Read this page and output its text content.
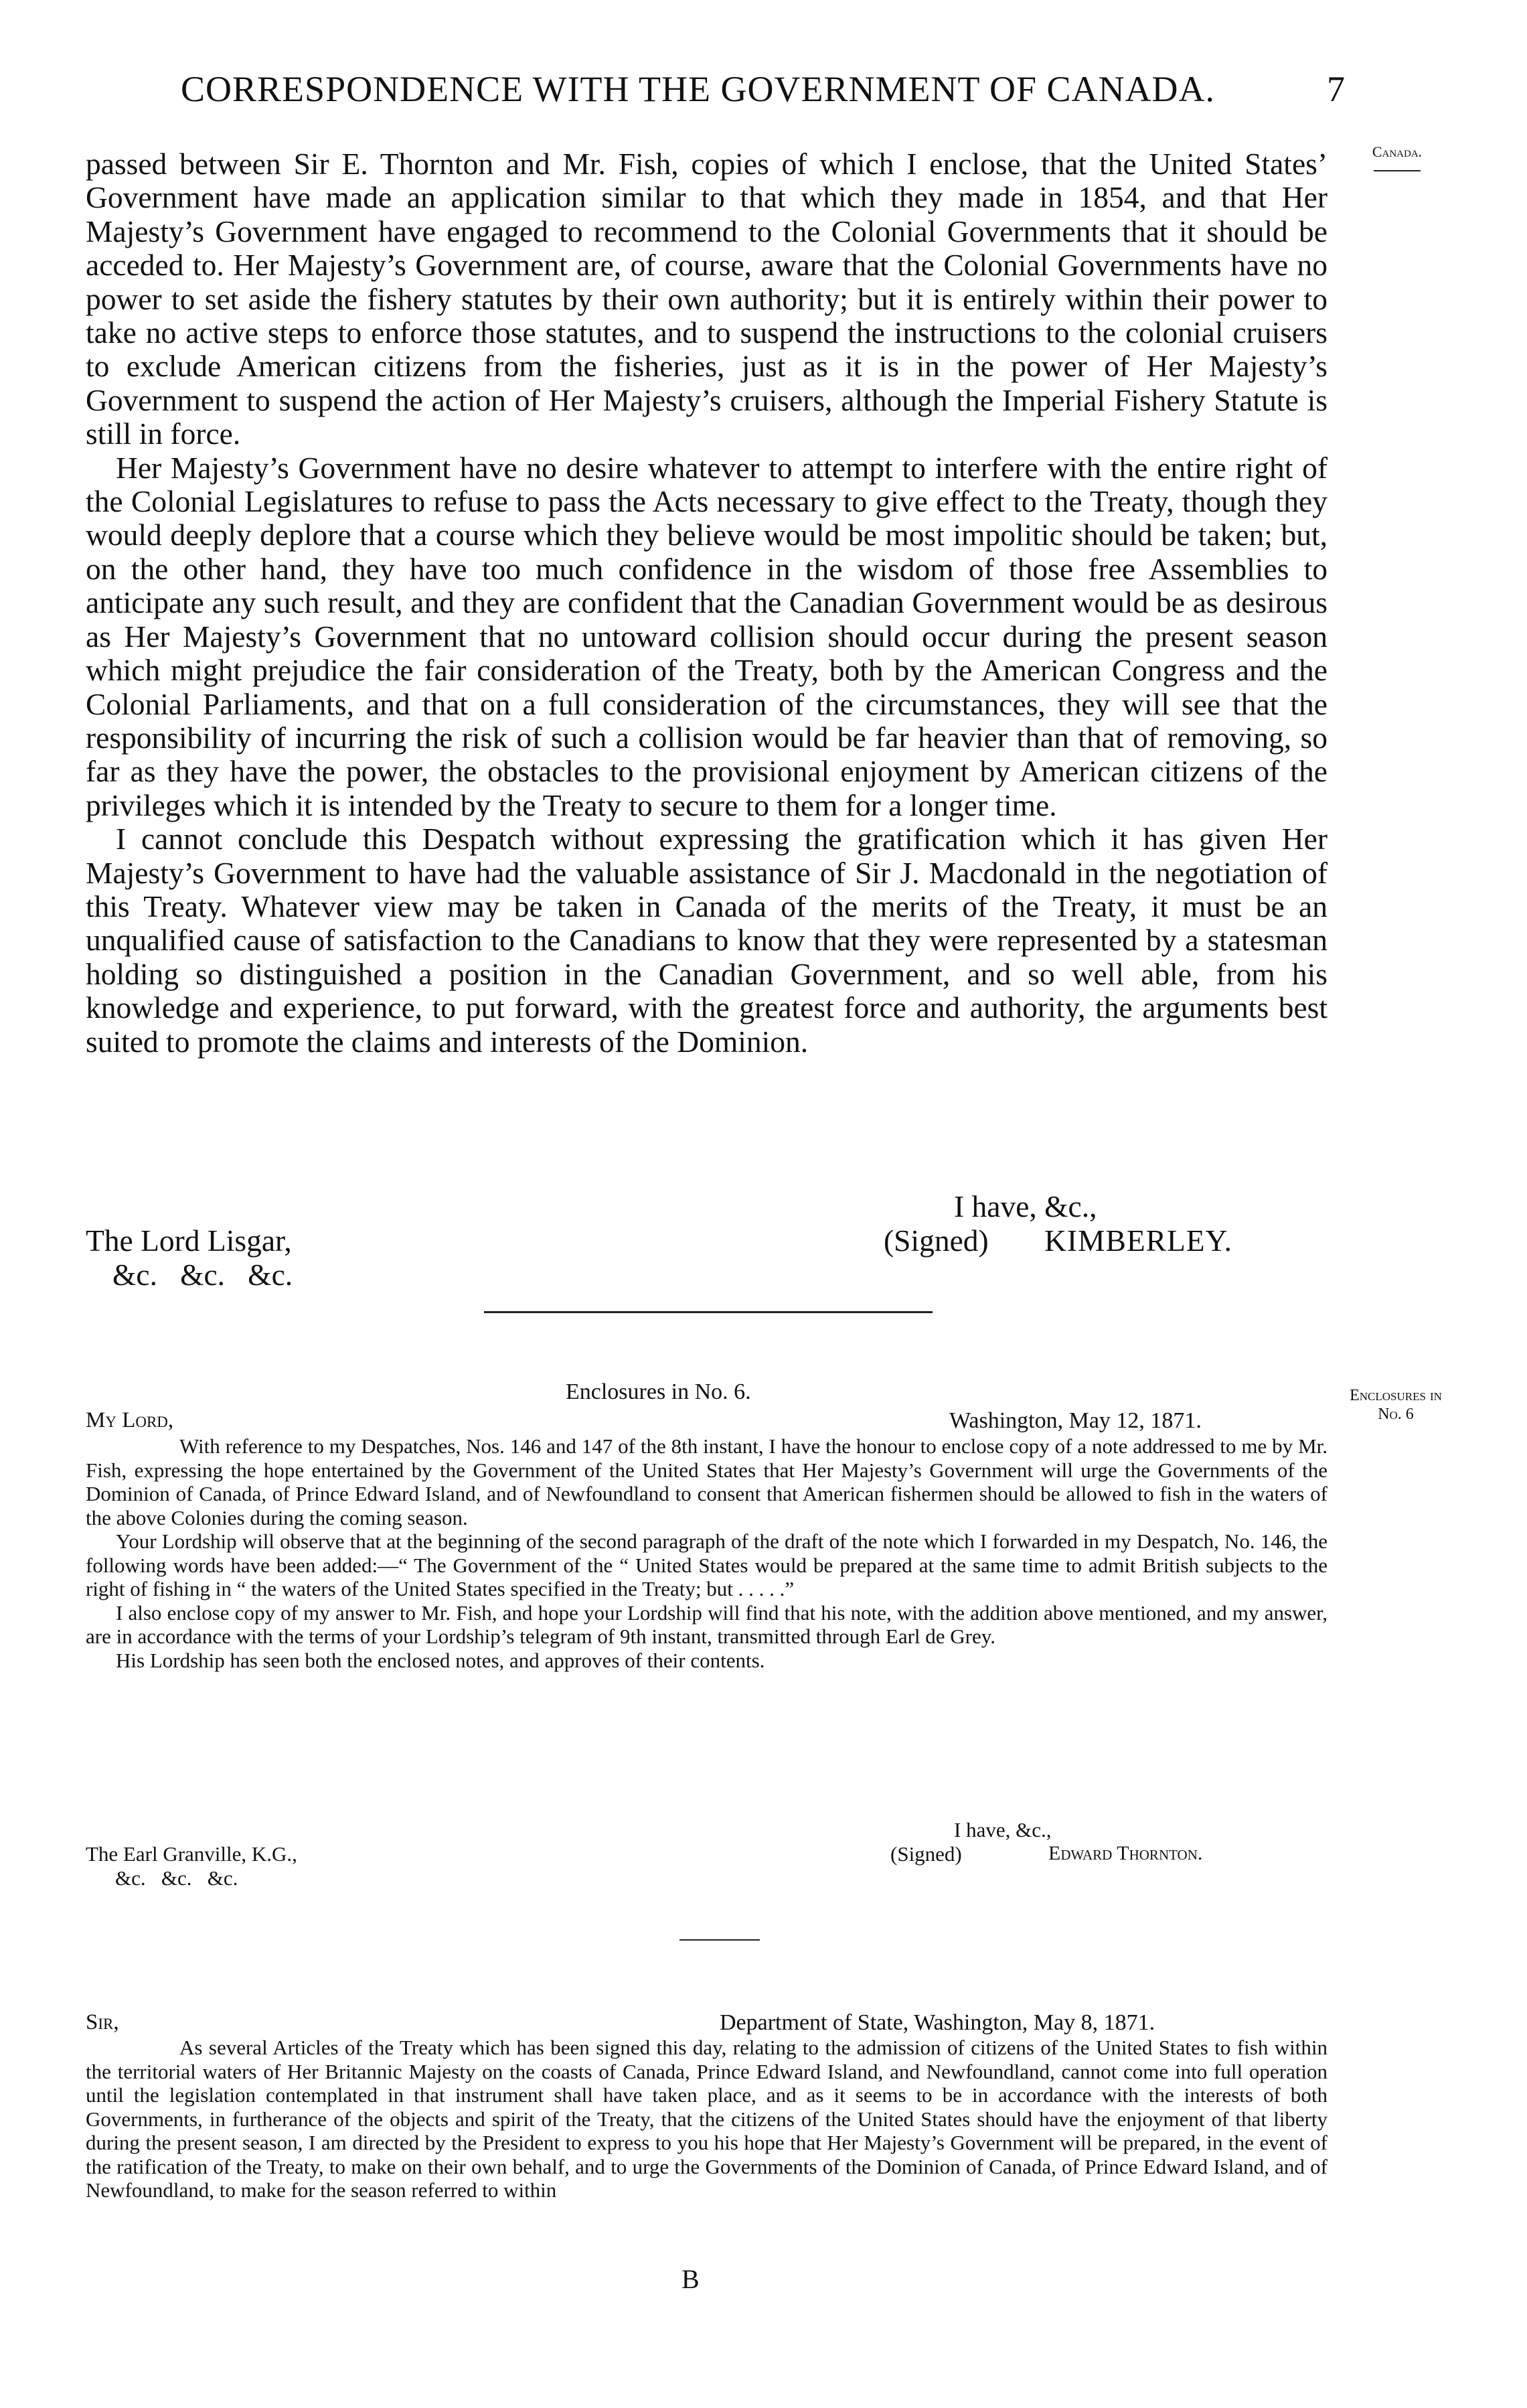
CORRESPONDENCE WITH THE GOVERNMENT OF CANADA.	7
Canada.

passed between Sir E. Thornton and Mr. Fish, copies of which I enclose, that the United States’ Government have made an application similar to that which they made in 1854, and that Her Majesty’s Government have engaged to recommend to the Colonial Governments that it should be acceded to. Her Majesty’s Government are, of course, aware that the Colonial Governments have no power to set aside the fishery statutes by their own authority; but it is entirely within their power to take no active steps to enforce those statutes, and to suspend the instructions to the colonial cruisers to exclude American citizens from the fisheries, just as it is in the power of Her Majesty’s Government to suspend the action of Her Majesty’s cruisers, although the Imperial Fishery Statute is still in force.

Her Majesty’s Government have no desire whatever to attempt to interfere with the entire right of the Colonial Legislatures to refuse to pass the Acts necessary to give effect to the Treaty, though they would deeply deplore that a course which they believe would be most impolitic should be taken; but, on the other hand, they have too much confidence in the wisdom of those free Assemblies to anticipate any such result, and they are confident that the Canadian Government would be as desirous as Her Majesty’s Government that no untoward collision should occur during the present season which might prejudice the fair consideration of the Treaty, both by the American Congress and the Colonial Parliaments, and that on a full consideration of the circumstances, they will see that the responsibility of incurring the risk of such a collision would be far heavier than that of removing, so far as they have the power, the obstacles to the provisional enjoyment by American citizens of the privileges which it is intended by the Treaty to secure to them for a longer time.

I cannot conclude this Despatch without expressing the gratification which it has given Her Majesty’s Government to have had the valuable assistance of Sir J. Macdonald in the negotiation of this Treaty. Whatever view may be taken in Canada of the merits of the Treaty, it must be an unqualified cause of satisfaction to the Canadians to know that they were represented by a statesman holding so distinguished a position in the Canadian Government, and so well able, from his knowledge and experience, to put forward, with the greatest force and authority, the arguments best suited to promote the claims and interests of the Dominion.

I have, &c.,
The Lord Lisgar,	(Signed) KIMBERLEY.
&c.   &c.   &c.
Enclosures in No. 6.	Enclosures in
No. 6
My Lord,	Washington, May 12, 1871.

With reference to my Despatches, Nos. 146 and 147 of the 8th instant, I have the honour to enclose copy of a note addressed to me by Mr. Fish, expressing the hope entertained by the Government of the United States that Her Majesty’s Government will urge the Governments of the Dominion of Canada, of Prince Edward Island, and of Newfoundland to consent that American fishermen should be allowed to fish in the waters of the above Colonies during the coming season.

Your Lordship will observe that at the beginning of the second paragraph of the draft of the note which I forwarded in my Despatch, No. 146, the following words have been added:—“ The Government of the “ United States would be prepared at the same time to admit British subjects to the right of fishing in “ the waters of the United States specified in the Treaty; but . . . . .”

I also enclose copy of my answer to Mr. Fish, and hope your Lordship will find that his note, with the addition above mentioned, and my answer, are in accordance with the terms of your Lordship’s telegram of 9th instant, transmitted through Earl de Grey.

His Lordship has seen both the enclosed notes, and approves of their contents.

I have, &c.,
The Earl Granville, K.G.,	(Signed)	Edward Thornton.
&c.   &c.   &c.
Sir,	Department of State, Washington, May 8, 1871.

As several Articles of the Treaty which has been signed this day, relating to the admission of citizens of the United States to fish within the territorial waters of Her Britannic Majesty on the coasts of Canada, Prince Edward Island, and Newfoundland, cannot come into full operation until the legislation contemplated in that instrument shall have taken place, and as it seems to be in accordance with the interests of both Governments, in furtherance of the objects and spirit of the Treaty, that the citizens of the United States should have the enjoyment of that liberty during the present season, I am directed by the President to express to you his hope that Her Majesty’s Government will be prepared, in the event of the ratification of the Treaty, to make on their own behalf, and to urge the Governments of the Dominion of Canada, of Prince Edward Island, and of Newfoundland, to make for the season referred to within

B
